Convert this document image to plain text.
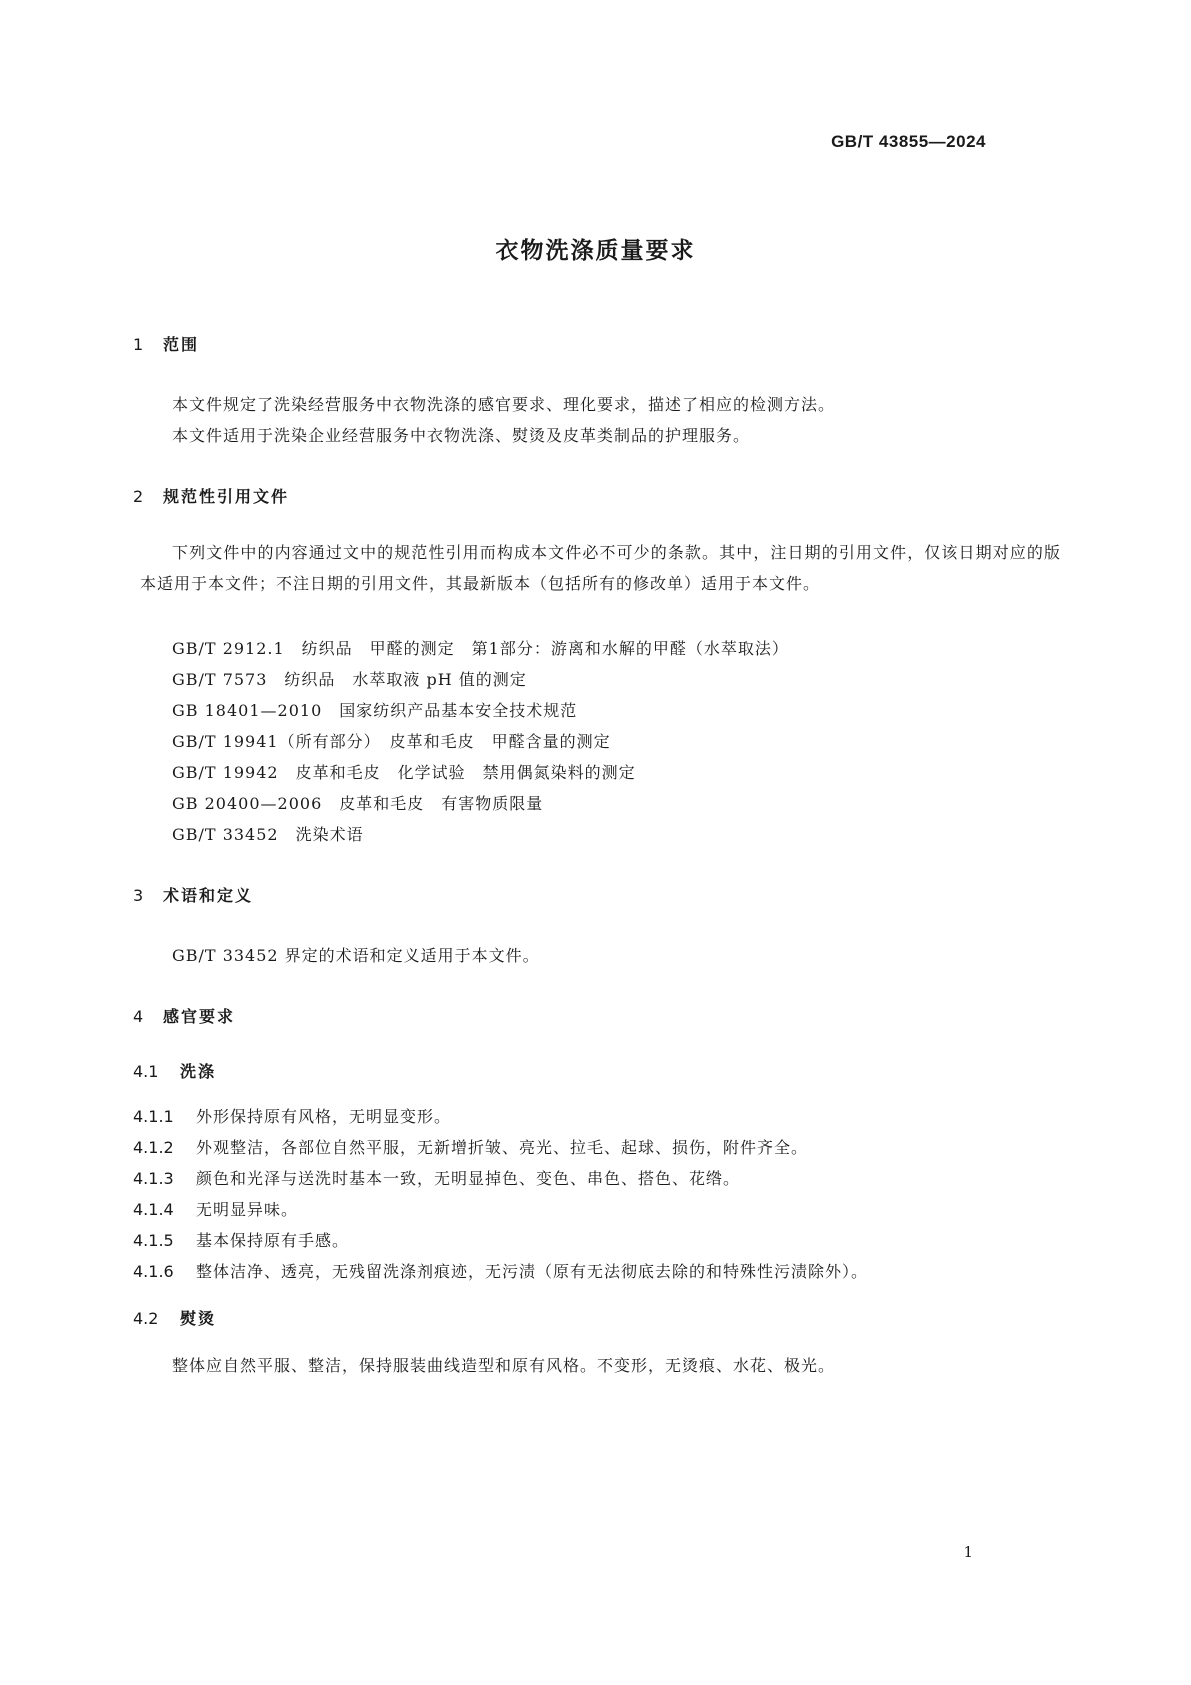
GB/T 43855—2024
衣物洗涤质量要求
1 范围
本文件规定了洗染经营服务中衣物洗涤的感官要求、理化要求，描述了相应的检测方法。
本文件适用于洗染企业经营服务中衣物洗涤、熨烫及皮革类制品的护理服务。
2 规范性引用文件
下列文件中的内容通过文中的规范性引用而构成本文件必不可少的条款。其中，注日期的引用文件，仅该日期对应的版本适用于本文件；不注日期的引用文件，其最新版本（包括所有的修改单）适用于本文件。
GB/T 2912.1　纺织品　甲醛的测定　第1部分：游离和水解的甲醛（水萃取法）
GB/T 7573　纺织品　水萃取液 pH 值的测定
GB 18401—2010　国家纺织产品基本安全技术规范
GB/T 19941（所有部分）　皮革和毛皮　甲醛含量的测定
GB/T 19942　皮革和毛皮　化学试验　禁用偶氮染料的测定
GB 20400—2006　皮革和毛皮　有害物质限量
GB/T 33452　洗染术语
3 术语和定义
GB/T 33452 界定的术语和定义适用于本文件。
4 感官要求
4.1 洗涤
4.1.1 外形保持原有风格，无明显变形。
4.1.2 外观整洁，各部位自然平服，无新增折皱、亮光、拉毛、起球、损伤，附件齐全。
4.1.3 颜色和光泽与送洗时基本一致，无明显掉色、变色、串色、搭色、花绺。
4.1.4 无明显异味。
4.1.5 基本保持原有手感。
4.1.6 整体洁净、透亮，无残留洗涤剂痕迹，无污渍（原有无法彻底去除的和特殊性污渍除外）。
4.2 熨烫
整体应自然平服、整洁，保持服装曲线造型和原有风格。不变形，无烫痕、水花、极光。
1
